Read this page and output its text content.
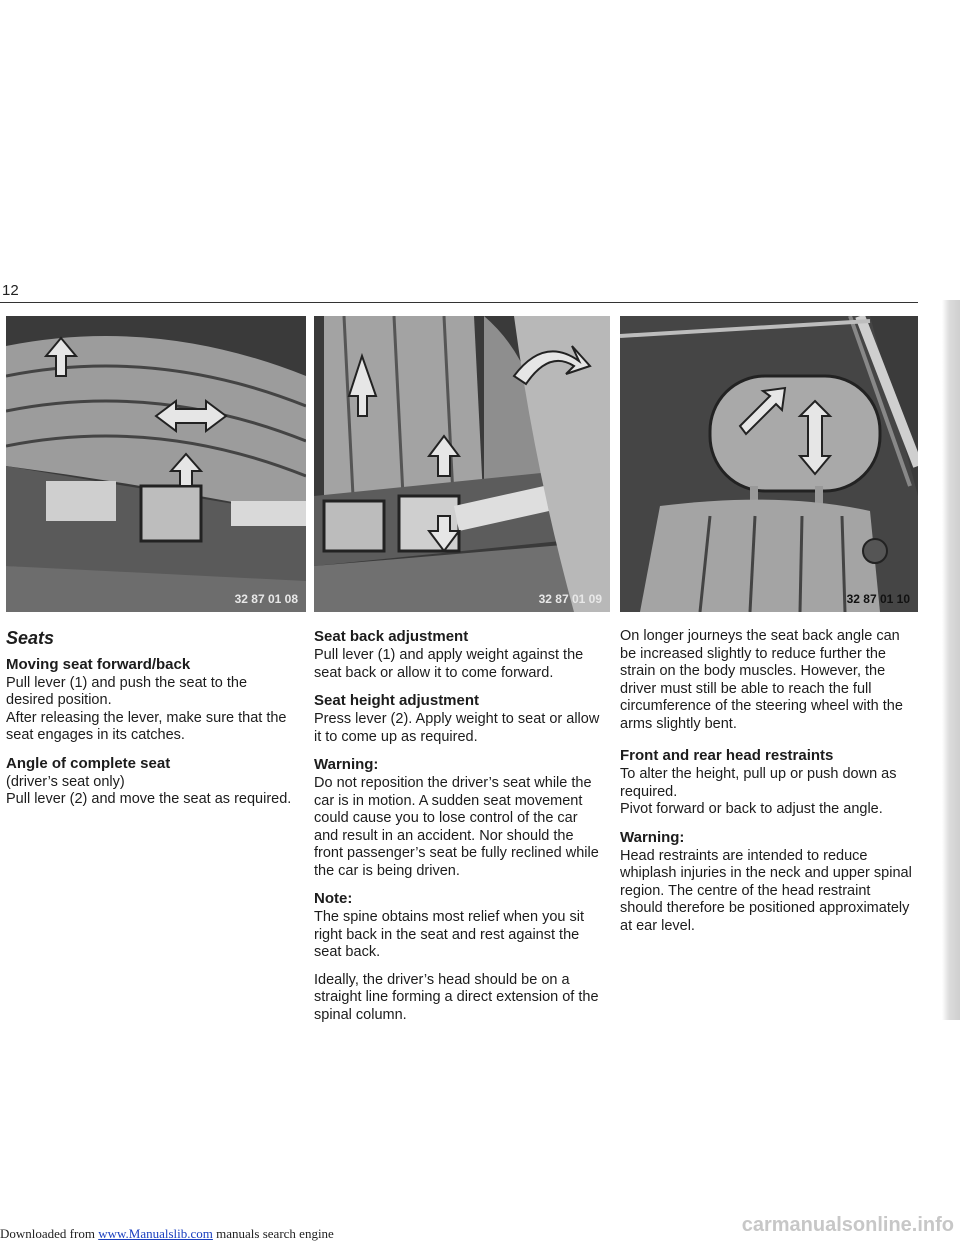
12
32 87 01 08	32 87 01 09	32 87 01 10
Seats
Moving seat forward/back

Pull lever (1) and push the seat to the desired position.

After releasing the lever, make sure that the seat engages in its catches.

Angle of complete seat

(driver’s seat only)

Pull lever (2) and move the seat as required.

Seat back adjustment

Pull lever (1) and apply weight against the seat back or allow it to come forward.

Seat height adjustment

Press lever (2). Apply weight to seat or allow it to come up as required.

Warning:

Do not reposition the driver’s seat while the car is in motion. A sudden seat movement could cause you to lose control of the car and result in an accident. Nor should the front passenger’s seat be fully reclined while the car is being driven.

Note:

The spine obtains most relief when you sit right back in the seat and rest against the seat back.

Ideally, the driver’s head should be on a straight line forming a direct extension of the spinal column.

On longer journeys the seat back angle can be increased slightly to reduce further the strain on the body muscles. However, the driver must still be able to reach the full circumference of the steering wheel with the arms slightly bent.

Front and rear head restraints

To alter the height, pull up or push down as required.

Pivot forward or back to adjust the angle.

Warning:

Head restraints are intended to reduce whiplash injuries in the neck and upper spinal region. The centre of the head restraint should therefore be positioned approximately at ear level.

Downloaded from www.Manualslib.com manuals search engine	carmanualsonline.info
